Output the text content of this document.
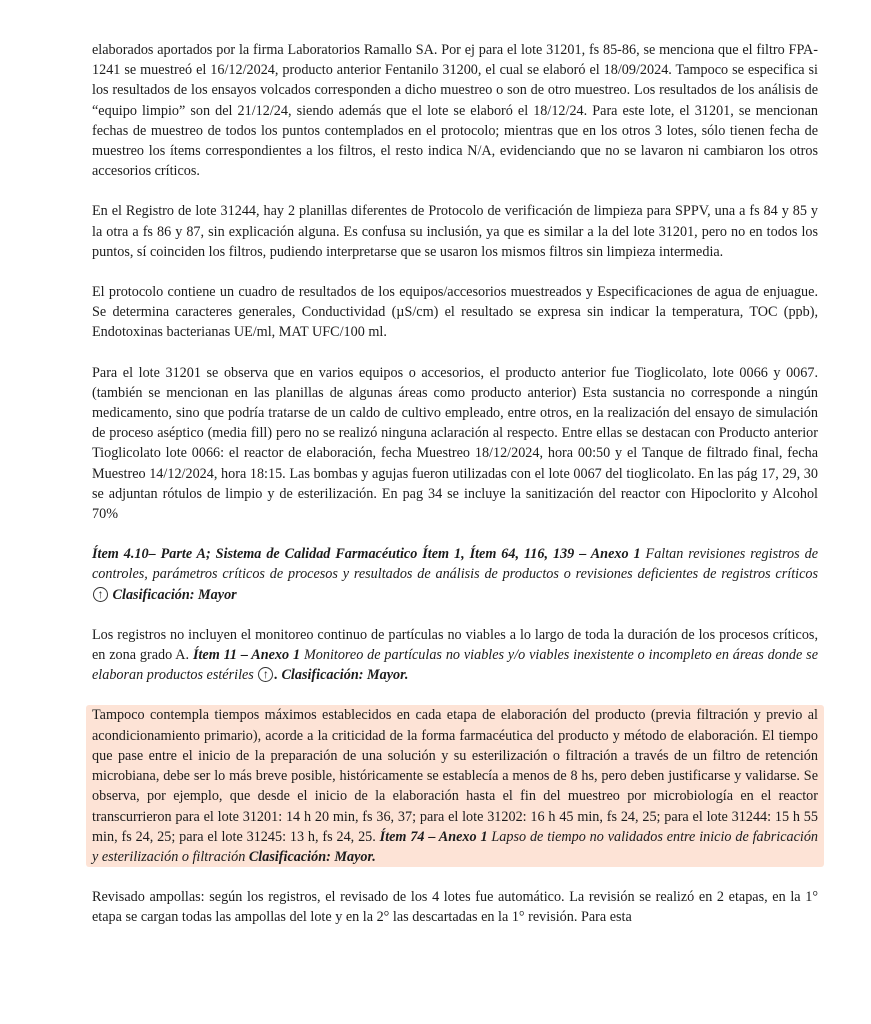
elaborados aportados por la firma Laboratorios Ramallo SA. Por ej para el lote 31201, fs 85-86, se menciona que el filtro FPA-1241 se muestreó el 16/12/2024, producto anterior Fentanilo 31200, el cual se elaboró el 18/09/2024. Tampoco se especifica si los resultados de los ensayos volcados corresponden a dicho muestreo o son de otro muestreo. Los resultados de los análisis de “equipo limpio” son del 21/12/24, siendo además que el lote se elaboró el 18/12/24. Para este lote, el 31201, se mencionan fechas de muestreo de todos los puntos contemplados en el protocolo; mientras que en los otros 3 lotes, sólo tienen fecha de muestreo los ítems correspondientes a los filtros, el resto indica N/A, evidenciando que no se lavaron ni cambiaron los otros accesorios críticos.

En el Registro de lote 31244, hay 2 planillas diferentes de Protocolo de verificación de limpieza para SPPV, una a fs 84 y 85 y la otra a fs 86 y 87, sin explicación alguna. Es confusa su inclusión, ya que es similar a la del lote 31201, pero no en todos los puntos, sí coinciden los filtros, pudiendo interpretarse que se usaron los mismos filtros sin limpieza intermedia.

El protocolo contiene un cuadro de resultados de los equipos/accesorios muestreados y Especificaciones de agua de enjuague. Se determina caracteres generales, Conductividad (µS/cm) el resultado se expresa sin indicar la temperatura, TOC (ppb), Endotoxinas bacterianas UE/ml, MAT UFC/100 ml.

Para el lote 31201 se observa que en varios equipos o accesorios, el producto anterior fue Tioglicolato, lote 0066 y 0067. (también se mencionan en las planillas de algunas áreas como producto anterior) Esta sustancia no corresponde a ningún medicamento, sino que podría tratarse de un caldo de cultivo empleado, entre otros, en la realización del ensayo de simulación de proceso aséptico (media fill) pero no se realizó ninguna aclaración al respecto. Entre ellas se destacan con Producto anterior Tioglicolato lote 0066: el reactor de elaboración, fecha Muestreo 18/12/2024, hora 00:50 y el Tanque de filtrado final, fecha Muestreo 14/12/2024, hora 18:15. Las bombas y agujas fueron utilizadas con el lote 0067 del tioglicolato. En las pág 17, 29, 30 se adjuntan rótulos de limpio y de esterilización. En pag 34 se incluye la sanitización del reactor con Hipoclorito y Alcohol 70%

Ítem 4.10– Parte A; Sistema de Calidad Farmacéutico Ítem 1, Ítem 64, 116, 139 – Anexo 1 Faltan revisiones registros de controles, parámetros críticos de procesos y resultados de análisis de productos o revisiones deficientes de registros críticos ↑ Clasificación: Mayor

Los registros no incluyen el monitoreo continuo de partículas no viables a lo largo de toda la duración de los procesos críticos, en zona grado A. Ítem 11 – Anexo 1 Monitoreo de partículas no viables y/o viables inexistente o incompleto en áreas donde se elaboran productos estériles ↑ . Clasificación: Mayor.

Tampoco contempla tiempos máximos establecidos en cada etapa de elaboración del producto (previa filtración y previo al acondicionamiento primario), acorde a la criticidad de la forma farmacéutica del producto y método de elaboración. El tiempo que pase entre el inicio de la preparación de una solución y su esterilización o filtración a través de un filtro de retención microbiana, debe ser lo más breve posible, históricamente se establecía a menos de 8 hs, pero deben justificarse y validarse. Se observa, por ejemplo, que desde el inicio de la elaboración hasta el fin del muestreo por microbiología en el reactor transcurrieron para el lote 31201: 14 h 20 min, fs 36, 37; para el lote 31202: 16 h 45 min, fs 24, 25; para el lote 31244: 15 h 55 min, fs 24, 25; para el lote 31245: 13 h, fs 24, 25. Ítem 74 – Anexo 1 Lapso de tiempo no validados entre inicio de fabricación y esterilización o filtración Clasificación: Mayor.

Revisado ampollas: según los registros, el revisado de los 4 lotes fue automático. La revisión se realizó en 2 etapas, en la 1° etapa se cargan todas las ampollas del lote y en la 2° las descartadas en la 1° revisión. Para esta
